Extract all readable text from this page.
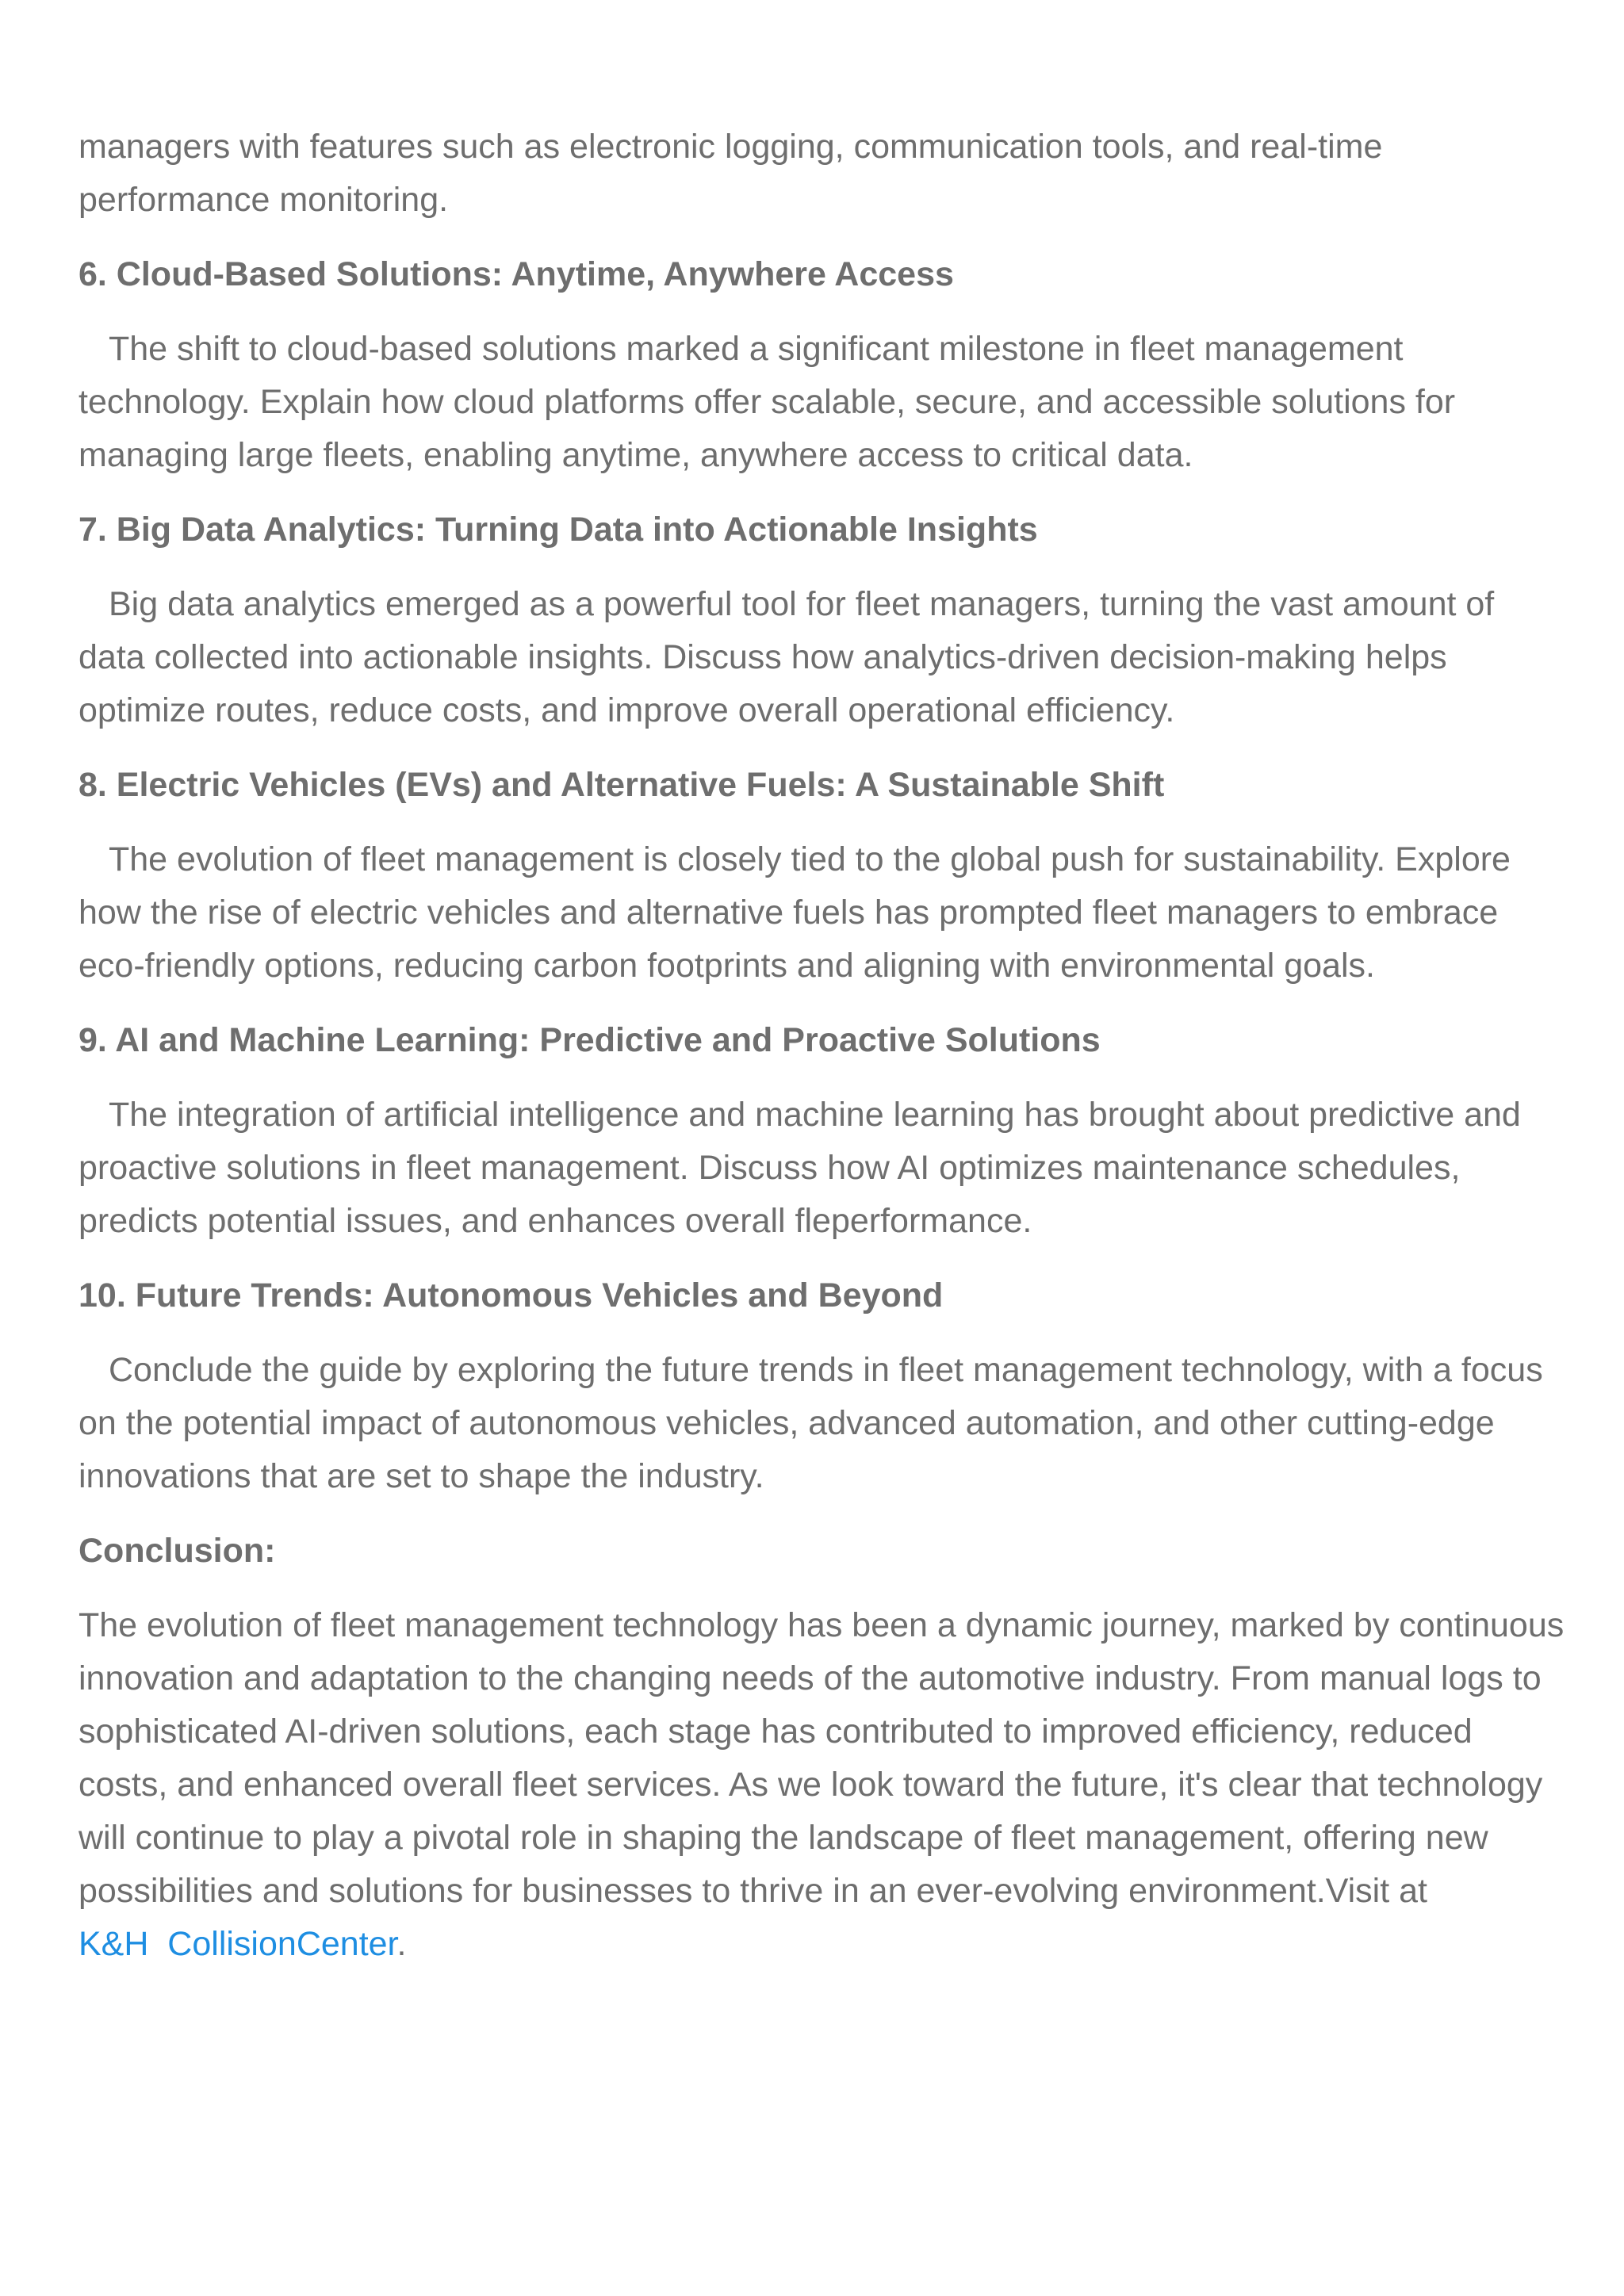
managers with features such as electronic logging, communication tools, and real-time performance monitoring.

6. Cloud-Based Solutions: Anytime, Anywhere Access

The shift to cloud-based solutions marked a significant milestone in fleet management technology. Explain how cloud platforms offer scalable, secure, and accessible solutions for managing large fleets, enabling anytime, anywhere access to critical data.

7. Big Data Analytics: Turning Data into Actionable Insights

Big data analytics emerged as a powerful tool for fleet managers, turning the vast amount of data collected into actionable insights. Discuss how analytics-driven decision-making helps optimize routes, reduce costs, and improve overall operational efficiency.

8. Electric Vehicles (EVs) and Alternative Fuels: A Sustainable Shift

The evolution of fleet management is closely tied to the global push for sustainability. Explore how the rise of electric vehicles and alternative fuels has prompted fleet managers to embrace eco-friendly options, reducing carbon footprints and aligning with environmental goals.

9. AI and Machine Learning: Predictive and Proactive Solutions

The integration of artificial intelligence and machine learning has brought about predictive and proactive solutions in fleet management. Discuss how AI optimizes maintenance schedules, predicts potential issues, and enhances overall fleperformance.

10. Future Trends: Autonomous Vehicles and Beyond

Conclude the guide by exploring the future trends in fleet management technology, with a focus on the potential impact of autonomous vehicles, advanced automation, and other cutting-edge innovations that are set to shape the industry.

Conclusion:

The evolution of fleet management technology has been a dynamic journey, marked by continuous innovation and adaptation to the changing needs of the automotive industry. From manual logs to sophisticated AI-driven solutions, each stage has contributed to improved efficiency, reduced costs, and enhanced overall fleet services. As we look toward the future, it's clear that technology will continue to play a pivotal role in shaping the landscape of fleet management, offering new possibilities and solutions for businesses to thrive in an ever-evolving environment.Visit at K&H  CollisionCenter.
